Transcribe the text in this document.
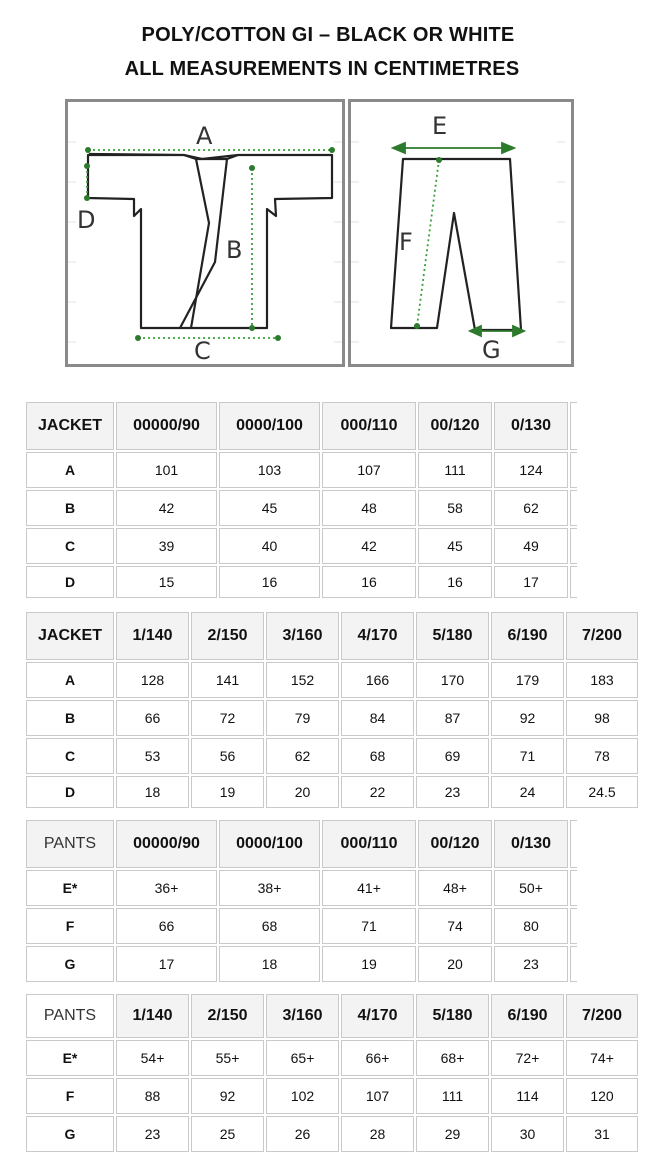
POLY/COTTON GI – BLACK OR WHITE
ALL MEASUREMENTS IN CENTIMETRES
A
D
B
C
E
F
G
JACKET	00000/90	0000/100	000/110	00/120	0/130	
A	101	103	107	111	124	
B	42	45	48	58	62	
C	39	40	42	45	49	
D	15	16	16	16	17	
JACKET	1/140	2/150	3/160	4/170	5/180	6/190	7/200
A	128	141	152	166	170	179	183
B	66	72	79	84	87	92	98
C	53	56	62	68	69	71	78
D	18	19	20	22	23	24	24.5
PANTS	00000/90	0000/100	000/110	00/120	0/130	
E*	36+	38+	41+	48+	50+	
F	66	68	71	74	80	
G	17	18	19	20	23	
PANTS	1/140	2/150	3/160	4/170	5/180	6/190	7/200
E*	54+	55+	65+	66+	68+	72+	74+
F	88	92	102	107	111	114	120
G	23	25	26	28	29	30	31
